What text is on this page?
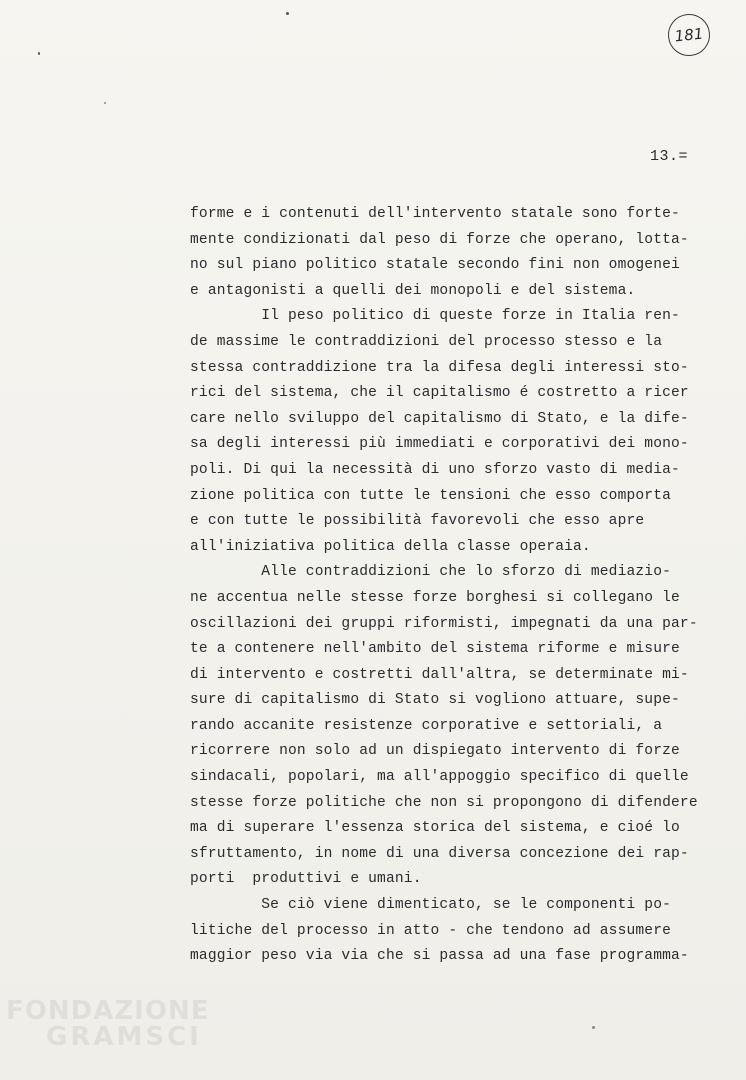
181
13.=
forme e i contenuti dell'intervento statale sono forte-
mente condizionati dal peso di forze che operano, lotta-
no sul piano politico statale secondo fini non omogenei
e antagonisti a quelli dei monopoli e del sistema.
Il peso politico di queste forze in Italia ren-
de massime le contraddizioni del processo stesso e la
stessa contraddizione tra la difesa degli interessi sto-
rici del sistema, che il capitalismo é costretto a ricer
care nello sviluppo del capitalismo di Stato, e la dife-
sa degli interessi più immediati e corporativi dei mono-
poli. Di qui la necessità di uno sforzo vasto di media-
zione politica con tutte le tensioni che esso comporta
e con tutte le possibilità favorevoli che esso apre
all'iniziativa politica della classe operaia.
Alle contraddizioni che lo sforzo di mediazio-
ne accentua nelle stesse forze borghesi si collegano le
oscillazioni dei gruppi riformisti, impegnati da una par-
te a contenere nell'ambito del sistema riforme e misure
di intervento e costretti dall'altra, se determinate mi-
sure di capitalismo di Stato si vogliono attuare, supe-
rando accanite resistenze corporative e settoriali, a
ricorrere non solo ad un dispiegato intervento di forze
sindacali, popolari, ma all'appoggio specifico di quelle
stesse forze politiche che non si propongono di difendere
ma di superare l'essenza storica del sistema, e cioé lo
sfruttamento, in nome di una diversa concezione dei rap-
porti  produttivi e umani.
Se ciò viene dimenticato, se le componenti po-
litiche del processo in atto - che tendono ad assumere
maggior peso via via che si passa ad una fase programma-
FONDAZIONE
GRAMSCI
